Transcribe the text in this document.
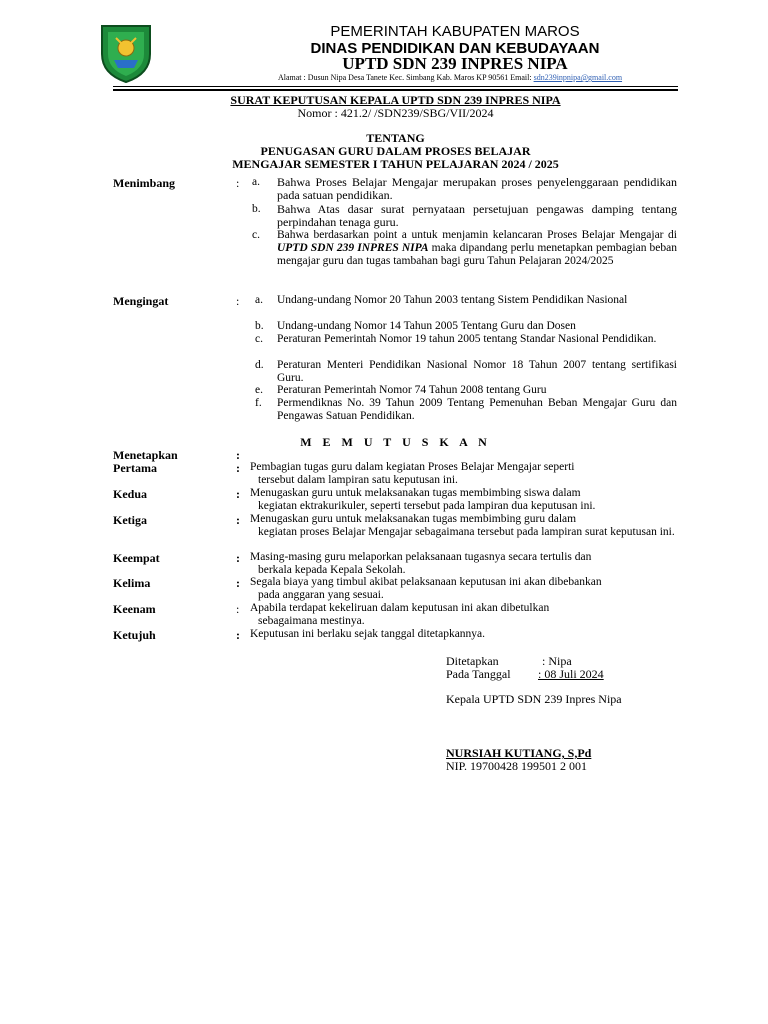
PEMERINTAH KABUPATEN MAROS
DINAS PENDIDIKAN DAN KEBUDAYAAN
UPTD SDN 239 INPRES NIPA
Alamat : Dusun Nipa Desa Tanete Kec. Simbang Kab. Maros KP 90561 Email: sdn239inpnipa@gmail.com
SURAT KEPUTUSAN KEPALA UPTD SDN 239 INPRES NIPA
Nomor : 421.2/ /SDN239/SBG/VII/2024
TENTANG
PENUGASAN GURU DALAM PROSES BELAJAR
MENGAJAR SEMESTER I TAHUN PELAJARAN 2024 / 2025
Menimbang	: a. Bahwa Proses Belajar Mengajar merupakan proses penyelenggaraan pendidikan pada satuan pendidikan.
b. Bahwa Atas dasar surat pernyataan persetujuan pengawas damping tentang perpindahan tenaga guru.
c. Bahwa berdasarkan point a untuk menjamin kelancaran Proses Belajar Mengajar di UPTD SDN 239 INPRES NIPA maka dipandang perlu menetapkan pembagian beban mengajar guru dan tugas tambahan bagi guru Tahun Pelajaran 2024/2025
Mengingat	: a. Undang-undang Nomor 20 Tahun 2003 tentang Sistem Pendidikan Nasional
b. Undang-undang Nomor 14 Tahun 2005 Tentang Guru dan Dosen
c. Peraturan Pemerintah Nomor 19 tahun 2005 tentang Standar Nasional Pendidikan.
d. Peraturan Menteri Pendidikan Nasional Nomor 18 Tahun 2007 tentang sertifikasi Guru.
e. Peraturan Pemerintah Nomor 74 Tahun 2008 tentang Guru
f. Permendiknas No. 39 Tahun 2009 Tentang Pemenuhan Beban Mengajar Guru dan Pengawas Satuan Pendidikan.
M E M U T U S K A N
Menetapkan	:
Pertama	: Pembagian tugas guru dalam kegiatan Proses Belajar Mengajar seperti
tersebut dalam lampiran satu keputusan ini.
Kedua	: Menugaskan guru untuk melaksanakan tugas membimbing siswa dalam
kegiatan ektrakurikuler, seperti tersebut pada lampiran dua keputusan ini.
Ketiga	: Menugaskan guru untuk melaksanakan tugas membimbing guru dalam
kegiatan proses Belajar Mengajar sebagaimana tersebut pada lampiran surat keputusan ini.
Keempat	: Masing-masing guru melaporkan pelaksanaan tugasnya secara tertulis dan
berkala kepada Kepala Sekolah.
Kelima	: Segala biaya yang timbul akibat pelaksanaan keputusan ini akan dibebankan
pada anggaran yang sesuai.
Keenam	: Apabila terdapat kekeliruan dalam keputusan ini akan dibetulkan
sebagaimana mestinya.
Ketujuh	: Keputusan ini berlaku sejak tanggal ditetapkannya.
Ditetapkan	: Nipa
Pada Tanggal : 08 Juli 2024
Kepala UPTD SDN 239 Inpres Nipa
NURSIAH KUTIANG, S,Pd
NIP. 19700428 199501 2 001
